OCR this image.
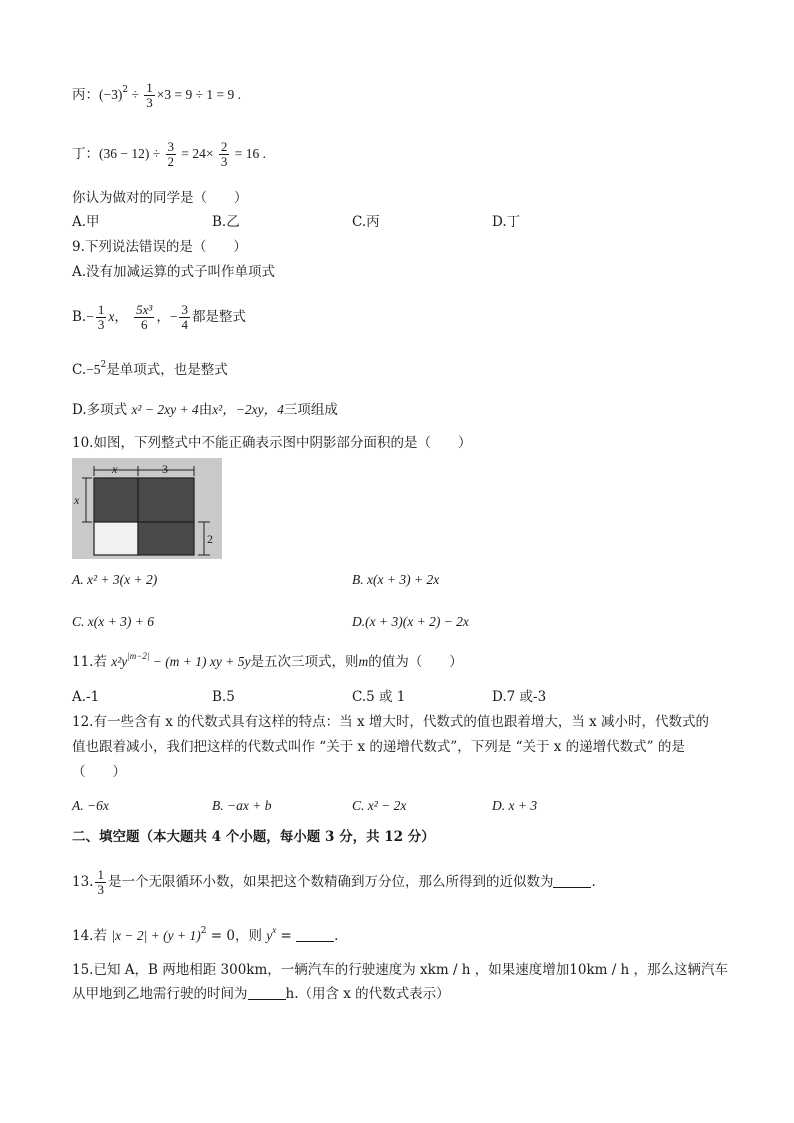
丙：$(-3)^2 \div \frac{1}{3} \times 3 = 9 \div 1 = 9$ .
丁：$(36 - 12) \div \frac{3}{2} = 24\times \frac{2}{3} = 16$ .
你认为做对的同学是（　　）
A.甲	B.乙	C.丙	D.丁
9.下列说法错误的是（　　）
A.没有加减运算的式子叫作单项式
$B.- \frac{1}{3}$ x， $\frac{\text{5x³}}{6}$ ，− $\frac{3}{4}$ 都是整式
$C.-5^2$是单项式，也是整式
D.多项式 x² − 2xy + 4由x²，−2xy，4三项组成
10.如图，下列整式中不能正确表示图中阴影部分面积的是（　　）
x	3
x
2
A. x² + 3(x + 2)	B. x(x + 3) + 2x
C. x(x + 3) + 6	D.(x + 3)(x + 2) − 2x
11.若 $x^2y^{|m-2|} - (m + 1)$ xy + 5y是五次三项式，则m的值为（　　）
A.-1	B.5	C.5 或 1	D.7 或-3
12.有一些含有 x 的代数式具有这样的特点：当 x 增大时，代数式的值也跟着增大，当 x 减小时，代数式的
值也跟着减小，我们把这样的代数式叫作 “关于 x 的递增代数式”，下列是 “关于 x 的递增代数式” 的是
（　　）
A. −6x	B. −ax + b	C. x² − 2x	D. x + 3
二、填空题（本大题共 4 个小题，每小题 3 分，共 12 分）
13. $\frac{1}{3}$ 是一个无限循环小数，如果把这个数精确到万分位，那么所得到的近似数为	.
14.若 $|x - 2| + (y + 1)^2 = 0$，则 $y^x$ =	.
15.已知 A，B 两地相距 300km，一辆汽车的行驶速度为 xkm / h ，如果速度增加10km / h ，那么这辆汽车
从甲地到乙地需行驶的时间为	h.（用含 x 的代数式表示）
